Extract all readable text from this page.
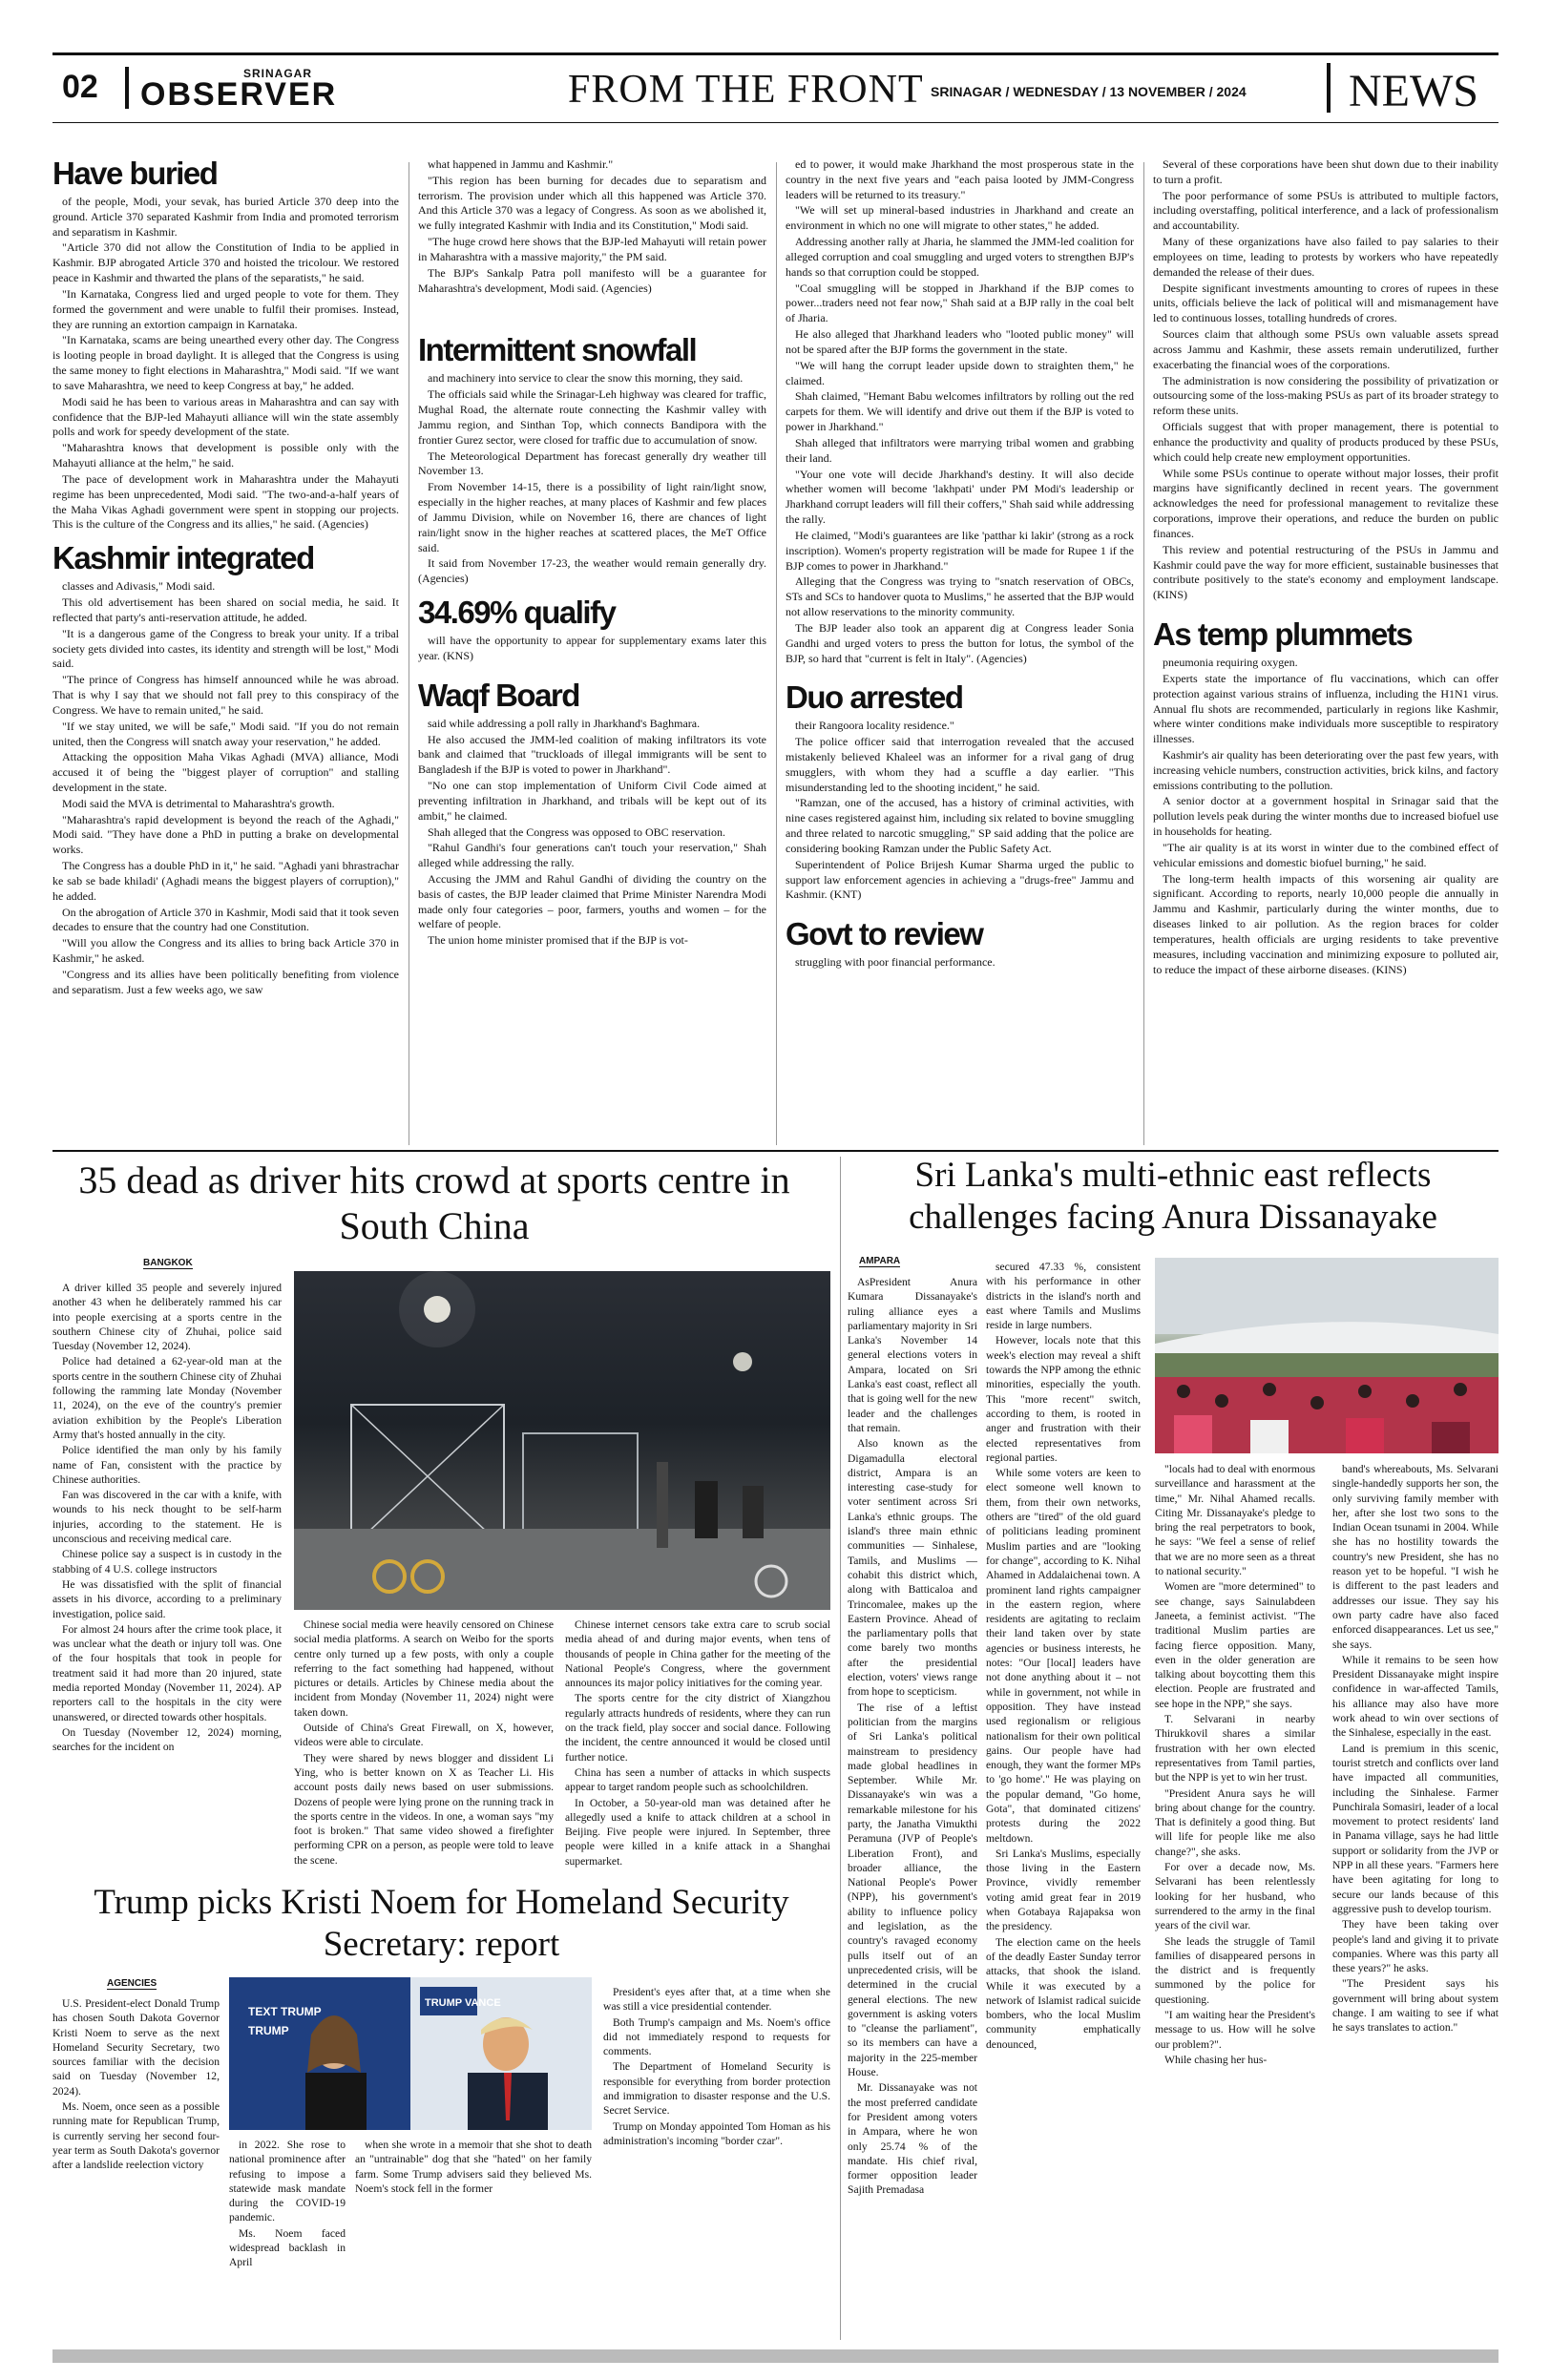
02	SRINAGAR
OBSERVER	FROM THE FRONT SRINAGAR / WEDNESDAY / 13 NOVEMBER / 2024 NEWS
Have buried

of the people, Modi, your sevak, has buried Article 370 deep into the ground. Article 370 separated Kashmir from India and promoted terrorism and separatism in Kashmir.

"Article 370 did not allow the Constitution of India to be applied in Kashmir. BJP abrogated Article 370 and hoisted the tricolour. We restored peace in Kashmir and thwarted the plans of the separatists," he said.

"In Karnataka, Congress lied and urged people to vote for them. They formed the government and were unable to fulfil their promises. Instead, they are running an extortion campaign in Karnataka.

"In Karnataka, scams are being unearthed every other day. The Congress is looting people in broad daylight. It is alleged that the Congress is using the same money to fight elections in Maharashtra," Modi said. "If we want to save Maharashtra, we need to keep Congress at bay," he added.

Modi said he has been to various areas in Maharashtra and can say with confidence that the BJP-led Mahayuti alliance will win the state assembly polls and work for speedy development of the state.

"Maharashtra knows that development is possible only with the Mahayuti alliance at the helm," he said.

The pace of development work in Maharashtra under the Mahayuti regime has been unprecedented, Modi said. "The two-and-a-half years of the Maha Vikas Aghadi government were spent in stopping our projects. This is the culture of the Congress and its allies," he said. (Agencies)

Kashmir integrated

classes and Adivasis," Modi said.

This old advertisement has been shared on social media, he said. It reflected that party's anti-reservation attitude, he added.

"It is a dangerous game of the Congress to break your unity. If a tribal society gets divided into castes, its identity and strength will be lost," Modi said.

"The prince of Congress has himself announced while he was abroad. That is why I say that we should not fall prey to this conspiracy of the Congress. We have to remain united," he said.

"If we stay united, we will be safe," Modi said. "If you do not remain united, then the Congress will snatch away your reservation," he added.

Attacking the opposition Maha Vikas Aghadi (MVA) alliance, Modi accused it of being the "biggest player of corruption" and stalling development in the state.

Modi said the MVA is detrimental to Maharashtra's growth.

"Maharashtra's rapid development is beyond the reach of the Aghadi," Modi said. "They have done a PhD in putting a brake on developmental works.

The Congress has a double PhD in it," he said. "Aghadi yani bhrastrachar ke sab se bade khiladi' (Aghadi means the biggest players of corruption)," he added.

On the abrogation of Article 370 in Kashmir, Modi said that it took seven decades to ensure that the country had one Constitution.

"Will you allow the Congress and its allies to bring back Article 370 in Kashmir," he asked.

"Congress and its allies have been politically benefiting from violence and separatism. Just a few weeks ago, we saw

what happened in Jammu and Kashmir."

"This region has been burning for decades due to separatism and terrorism. The provision under which all this happened was Article 370. And this Article 370 was a legacy of Congress. As soon as we abolished it, we fully integrated Kashmir with India and its Constitution," Modi said.

"The huge crowd here shows that the BJP-led Mahayuti will retain power in Maharashtra with a massive majority," the PM said.

The BJP's Sankalp Patra poll manifesto will be a guarantee for Maharashtra's development, Modi said. (Agencies)

Intermittent snowfall

and machinery into service to clear the snow this morning, they said.

The officials said while the Srinagar-Leh highway was cleared for traffic, Mughal Road, the alternate route connecting the Kashmir valley with Jammu region, and Sinthan Top, which connects Bandipora with the frontier Gurez sector, were closed for traffic due to accumulation of snow.

The Meteorological Department has forecast generally dry weather till November 13.

From November 14-15, there is a possibility of light rain/light snow, especially in the higher reaches, at many places of Kashmir and few places of Jammu Division, while on November 16, there are chances of light rain/light snow in the higher reaches at scattered places, the MeT Office said.

It said from November 17-23, the weather would remain generally dry. (Agencies)

34.69% qualify

will have the opportunity to appear for supplementary exams later this year. (KNS)

Waqf Board

said while addressing a poll rally in Jharkhand's Baghmara.

He also accused the JMM-led coalition of making infiltrators its vote bank and claimed that "truckloads of illegal immigrants will be sent to Bangladesh if the BJP is voted to power in Jharkhand".

"No one can stop implementation of Uniform Civil Code aimed at preventing infiltration in Jharkhand, and tribals will be kept out of its ambit," he claimed.

Shah alleged that the Congress was opposed to OBC reservation.

"Rahul Gandhi's four generations can't touch your reservation," Shah alleged while addressing the rally.

Accusing the JMM and Rahul Gandhi of dividing the country on the basis of castes, the BJP leader claimed that Prime Minister Narendra Modi made only four categories – poor, farmers, youths and women – for the welfare of people.

The union home minister promised that if the BJP is vot-

ed to power, it would make Jharkhand the most prosperous state in the country in the next five years and "each paisa looted by JMM-Congress leaders will be returned to its treasury."

"We will set up mineral-based industries in Jharkhand and create an environment in which no one will migrate to other states," he added.

Addressing another rally at Jharia, he slammed the JMM-led coalition for alleged corruption and coal smuggling and urged voters to strengthen BJP's hands so that corruption could be stopped.

"Coal smuggling will be stopped in Jharkhand if the BJP comes to power...traders need not fear now," Shah said at a BJP rally in the coal belt of Jharia.

He also alleged that Jharkhand leaders who "looted public money" will not be spared after the BJP forms the government in the state.

"We will hang the corrupt leader upside down to straighten them," he claimed.

Shah claimed, "Hemant Babu welcomes infiltrators by rolling out the red carpets for them. We will identify and drive out them if the BJP is voted to power in Jharkhand."

Shah alleged that infiltrators were marrying tribal women and grabbing their land.

"Your one vote will decide Jharkhand's destiny. It will also decide whether women will become 'lakhpati' under PM Modi's leadership or Jharkhand corrupt leaders will fill their coffers," Shah said while addressing the rally.

He claimed, "Modi's guarantees are like 'patthar ki lakir' (strong as a rock inscription). Women's property registration will be made for Rupee 1 if the BJP comes to power in Jharkhand."

Alleging that the Congress was trying to "snatch reservation of OBCs, STs and SCs to handover quota to Muslims," he asserted that the BJP would not allow reservations to the minority community.

The BJP leader also took an apparent dig at Congress leader Sonia Gandhi and urged voters to press the button for lotus, the symbol of the BJP, so hard that "current is felt in Italy". (Agencies)

Duo arrested

their Rangoora locality residence."

The police officer said that interrogation revealed that the accused mistakenly believed Khaleel was an informer for a rival gang of drug smugglers, with whom they had a scuffle a day earlier. "This misunderstanding led to the shooting incident," he said.

"Ramzan, one of the accused, has a history of criminal activities, with nine cases registered against him, including six related to bovine smuggling and three related to narcotic smuggling," SP said adding that the police are considering booking Ramzan under the Public Safety Act.

Superintendent of Police Brijesh Kumar Sharma urged the public to support law enforcement agencies in achieving a "drugs-free" Jammu and Kashmir. (KNT)

Govt to review

struggling with poor financial performance.

Several of these corporations have been shut down due to their inability to turn a profit.

The poor performance of some PSUs is attributed to multiple factors, including overstaffing, political interference, and a lack of professionalism and accountability.

Many of these organizations have also failed to pay salaries to their employees on time, leading to protests by workers who have repeatedly demanded the release of their dues.

Despite significant investments amounting to crores of rupees in these units, officials believe the lack of political will and mismanagement have led to continuous losses, totalling hundreds of crores.

Sources claim that although some PSUs own valuable assets spread across Jammu and Kashmir, these assets remain underutilized, further exacerbating the financial woes of the corporations.

The administration is now considering the possibility of privatization or outsourcing some of the loss-making PSUs as part of its broader strategy to reform these units.

Officials suggest that with proper management, there is potential to enhance the productivity and quality of products produced by these PSUs, which could help create new employment opportunities.

While some PSUs continue to operate without major losses, their profit margins have significantly declined in recent years. The government acknowledges the need for professional management to revitalize these corporations, improve their operations, and reduce the burden on public finances.

This review and potential restructuring of the PSUs in Jammu and Kashmir could pave the way for more efficient, sustainable businesses that contribute positively to the state's economy and employment landscape. (KINS)

As temp plummets

pneumonia requiring oxygen.

Experts state the importance of flu vaccinations, which can offer protection against various strains of influenza, including the H1N1 virus. Annual flu shots are recommended, particularly in regions like Kashmir, where winter conditions make individuals more susceptible to respiratory illnesses.

Kashmir's air quality has been deteriorating over the past few years, with increasing vehicle numbers, construction activities, brick kilns, and factory emissions contributing to the pollution.

A senior doctor at a government hospital in Srinagar said that the pollution levels peak during the winter months due to increased biofuel use in households for heating.

"The air quality is at its worst in winter due to the combined effect of vehicular emissions and domestic biofuel burning," he said.

The long-term health impacts of this worsening air quality are significant. According to reports, nearly 10,000 people die annually in Jammu and Kashmir, particularly during the winter months, due to diseases linked to air pollution. As the region braces for colder temperatures, health officials are urging residents to take preventive measures, including vaccination and minimizing exposure to polluted air, to reduce the impact of these airborne diseases. (KINS)

35 dead as driver hits crowd at sports centre in South China
BANGKOK

A driver killed 35 people and severely injured another 43 when he deliberately rammed his car into people exercising at a sports centre in the southern Chinese city of Zhuhai, police said Tuesday (November 12, 2024).

Police had detained a 62-year-old man at the sports centre in the southern Chinese city of Zhuhai following the ramming late Monday (November 11, 2024), on the eve of the country's premier aviation exhibition by the People's Liberation Army that's hosted annually in the city.

Police identified the man only by his family name of Fan, consistent with the practice by Chinese authorities.

Fan was discovered in the car with a knife, with wounds to his neck thought to be self-harm injuries, according to the statement. He is unconscious and receiving medical care.

Chinese police say a suspect is in custody in the stabbing of 4 U.S. college instructors

He was dissatisfied with the split of financial assets in his divorce, according to a preliminary investigation, police said.

For almost 24 hours after the crime took place, it was unclear what the death or injury toll was. One of the four hospitals that took in people for treatment said it had more than 20 injured, state media reported Monday (November 11, 2024). AP reporters call to the hospitals in the city were unanswered, or directed towards other hospitals.

On Tuesday (November 12, 2024) morning, searches for the incident on

Chinese social media were heavily censored on Chinese social media platforms. A search on Weibo for the sports centre only turned up a few posts, with only a couple referring to the fact something had happened, without pictures or details. Articles by Chinese media about the incident from Monday (November 11, 2024) night were taken down.

Outside of China's Great Firewall, on X, however, videos were able to circulate.

They were shared by news blogger and dissident Li Ying, who is better known on X as Teacher Li. His account posts daily news based on user submissions. Dozens of people were lying prone on the running track in the sports centre in the videos. In one, a woman says "my foot is broken." That same video showed a firefighter performing CPR on a person, as people were told to leave the scene.

Chinese internet censors take extra care to scrub social media ahead of and during major events, when tens of thousands of people in China gather for the meeting of the National People's Congress, where the government announces its major policy initiatives for the coming year.

The sports centre for the city district of Xiangzhou regularly attracts hundreds of residents, where they can run on the track field, play soccer and social dance. Following the incident, the centre announced it would be closed until further notice.

China has seen a number of attacks in which suspects appear to target random people such as schoolchildren.

In October, a 50-year-old man was detained after he allegedly used a knife to attack children at a school in Beijing. Five people were injured. In September, three people were killed in a knife attack in a Shanghai supermarket.

Trump picks Kristi Noem for Homeland Security Secretary: report
AGENCIES

U.S. President-elect Donald Trump has chosen South Dakota Governor Kristi Noem to serve as the next Homeland Security Secretary, two sources familiar with the decision said on Tuesday (November 12, 2024).

Ms. Noem, once seen as a possible running mate for Republican Trump, is currently serving her second four-year term as South Dakota's governor after a landslide reelection victory

TEXT TRUMP
TRUMP
TRUMP VANCE

in 2022. She rose to national prominence after refusing to impose a statewide mask mandate during the COVID-19 pandemic.

Ms. Noem faced widespread backlash in April

when she wrote in a memoir that she shot to death an "untrainable" dog that she "hated" on her family farm. Some Trump advisers said they believed Ms. Noem's stock fell in the former

President's eyes after that, at a time when she was still a vice presidential contender.

Both Trump's campaign and Ms. Noem's office did not immediately respond to requests for comments.

The Department of Homeland Security is responsible for everything from border protection and immigration to disaster response and the U.S. Secret Service.

Trump on Monday appointed Tom Homan as his administration's incoming "border czar".

Sri Lanka's multi-ethnic east reflects challenges facing Anura Dissanayake
AMPARA

AsPresident Anura Kumara Dissanayake's ruling alliance eyes a parliamentary majority in Sri Lanka's November 14 general elections voters in Ampara, located on Sri Lanka's east coast, reflect all that is going well for the new leader and the challenges that remain.

Also known as the Digamadulla electoral district, Ampara is an interesting case-study for voter sentiment across Sri Lanka's ethnic groups. The island's three main ethnic communities — Sinhalese, Tamils, and Muslims — cohabit this district which, along with Batticaloa and Trincomalee, makes up the Eastern Province. Ahead of the parliamentary polls that come barely two months after the presidential election, voters' views range from hope to scepticism.

The rise of a leftist politician from the margins of Sri Lanka's political mainstream to presidency made global headlines in September. While Mr. Dissanayake's win was a remarkable milestone for his party, the Janatha Vimukthi Peramuna (JVP of People's Liberation Front), and broader alliance, the National People's Power (NPP), his government's ability to influence policy and legislation, as the country's ravaged economy pulls itself out of an unprecedented crisis, will be determined in the crucial general elections. The new government is asking voters to "cleanse the parliament", so its members can have a majority in the 225-member House.

Mr. Dissanayake was not the most preferred candidate for President among voters in Ampara, where he won only 25.74 % of the mandate. His chief rival, former opposition leader Sajith Premadasa

secured 47.33 %, consistent with his performance in other districts in the island's north and east where Tamils and Muslims reside in large numbers.

However, locals note that this week's election may reveal a shift towards the NPP among the ethnic minorities, especially the youth. This "more recent" switch, according to them, is rooted in anger and frustration with their elected representatives from regional parties.

While some voters are keen to elect someone well known to them, from their own networks, others are "tired" of the old guard of politicians leading prominent Muslim parties and are "looking for change", according to K. Nihal Ahamed in Addalaichenai town. A prominent land rights campaigner in the eastern region, where residents are agitating to reclaim their land taken over by state agencies or business interests, he notes: "Our [local] leaders have not done anything about it – not while in government, not while in opposition. They have instead used regionalism or religious nationalism for their own political gains. Our people have had enough, they want the former MPs to 'go home'." He was playing on the popular demand, "Go home, Gota", that dominated citizens' protests during the 2022 meltdown.

Sri Lanka's Muslims, especially those living in the Eastern Province, vividly remember voting amid great fear in 2019 when Gotabaya Rajapaksa won the presidency.

The election came on the heels of the deadly Easter Sunday terror attacks, that shook the island. While it was executed by a network of Islamist radical suicide bombers, who the local Muslim community emphatically denounced,

"locals had to deal with enormous surveillance and harassment at the time," Mr. Nihal Ahamed recalls. Citing Mr. Dissanayake's pledge to bring the real perpetrators to book, he says: "We feel a sense of relief that we are no more seen as a threat to national security."

Women are "more determined" to see change, says Sainulabdeen Janeeta, a feminist activist. "The traditional Muslim parties are facing fierce opposition. Many, even in the older generation are talking about boycotting them this election. People are frustrated and see hope in the NPP," she says.

T. Selvarani in nearby Thirukkovil shares a similar frustration with her own elected representatives from Tamil parties, but the NPP is yet to win her trust.

"President Anura says he will bring about change for the country. That is definitely a good thing. But will life for people like me also change?", she asks.

For over a decade now, Ms. Selvarani has been relentlessly looking for her husband, who surrendered to the army in the final years of the civil war.

She leads the struggle of Tamil families of disappeared persons in the district and is frequently summoned by the police for questioning.

"I am waiting hear the President's message to us. How will he solve our problem?".

While chasing her hus-

band's whereabouts, Ms. Selvarani single-handedly supports her son, the only surviving family member with her, after she lost two sons to the Indian Ocean tsunami in 2004. While she has no hostility towards the country's new President, she has no reason yet to be hopeful. "I wish he is different to the past leaders and addresses our issue. They say his own party cadre have also faced enforced disappearances. Let us see," she says.

While it remains to be seen how President Dissanayake might inspire confidence in war-affected Tamils, his alliance may also have more work ahead to win over sections of the Sinhalese, especially in the east.

Land is premium in this scenic, tourist stretch and conflicts over land have impacted all communities, including the Sinhalese. Farmer Punchirala Somasiri, leader of a local movement to protect residents' land in Panama village, says he had little support or solidarity from the JVP or NPP in all these years. "Farmers here have been agitating for long to secure our lands because of this aggressive push to develop tourism.

They have been taking over people's land and giving it to private companies. Where was this party all these years?" he asks.

"The President says his government will bring about system change. I am waiting to see if what he says translates to action."
